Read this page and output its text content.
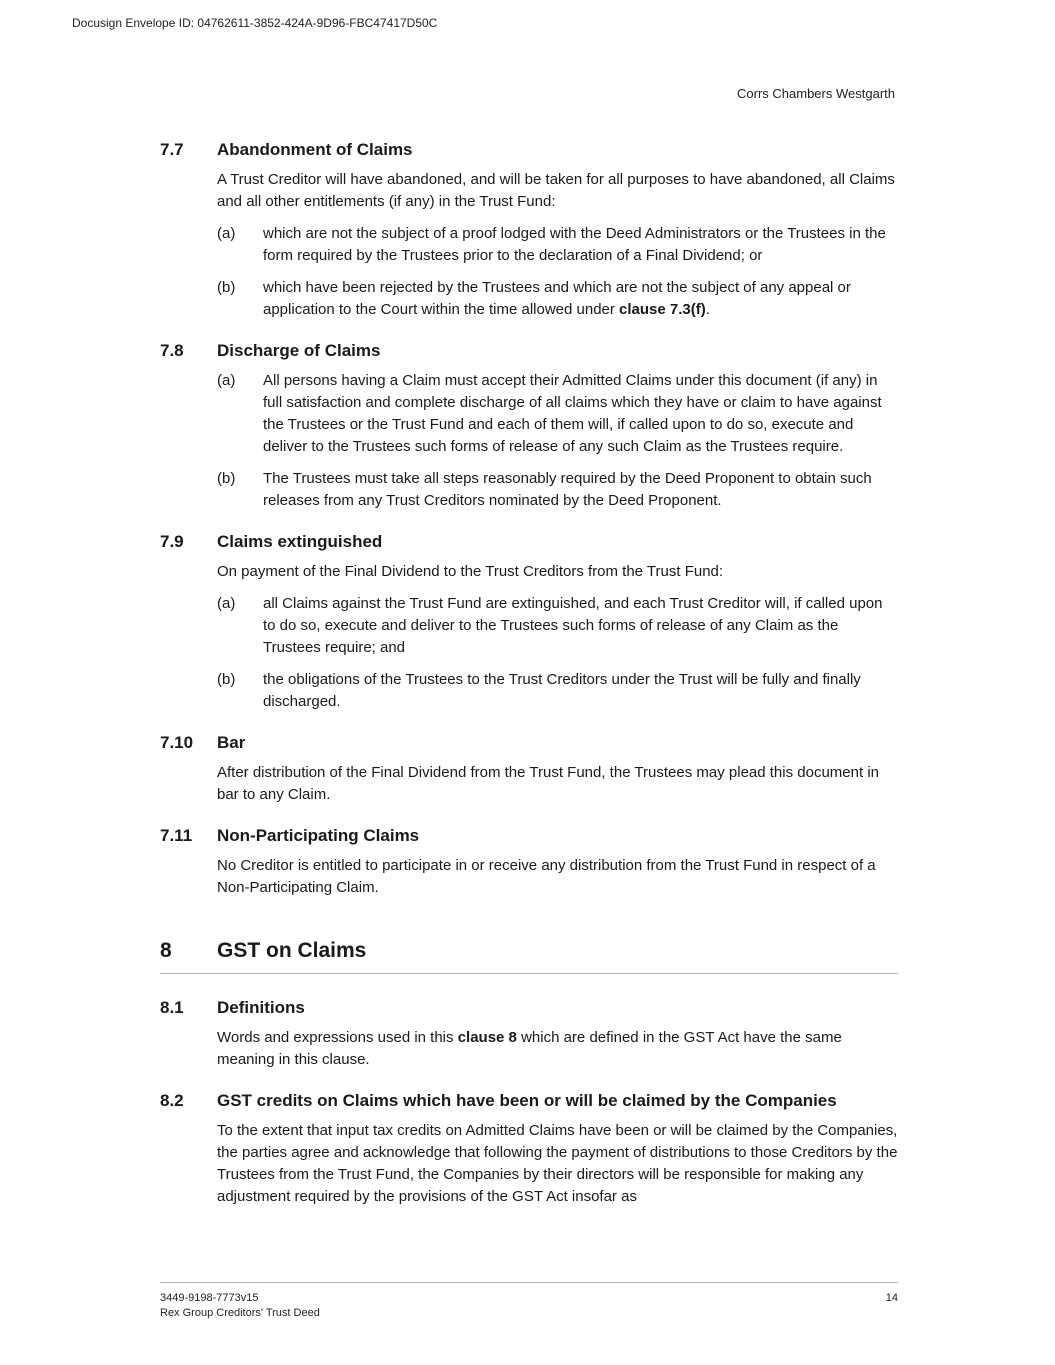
Docusign Envelope ID: 04762611-3852-424A-9D96-FBC47417D50C
Corrs Chambers Westgarth
7.7	Abandonment of Claims
A Trust Creditor will have abandoned, and will be taken for all purposes to have abandoned, all Claims and all other entitlements (if any) in the Trust Fund:
(a)	which are not the subject of a proof lodged with the Deed Administrators or the Trustees in the form required by the Trustees prior to the declaration of a Final Dividend; or
(b)	which have been rejected by the Trustees and which are not the subject of any appeal or application to the Court within the time allowed under clause 7.3(f).
7.8	Discharge of Claims
(a)	All persons having a Claim must accept their Admitted Claims under this document (if any) in full satisfaction and complete discharge of all claims which they have or claim to have against the Trustees or the Trust Fund and each of them will, if called upon to do so, execute and deliver to the Trustees such forms of release of any such Claim as the Trustees require.
(b)	The Trustees must take all steps reasonably required by the Deed Proponent to obtain such releases from any Trust Creditors nominated by the Deed Proponent.
7.9	Claims extinguished
On payment of the Final Dividend to the Trust Creditors from the Trust Fund:
(a)	all Claims against the Trust Fund are extinguished, and each Trust Creditor will, if called upon to do so, execute and deliver to the Trustees such forms of release of any Claim as the Trustees require; and
(b)	the obligations of the Trustees to the Trust Creditors under the Trust will be fully and finally discharged.
7.10	Bar
After distribution of the Final Dividend from the Trust Fund, the Trustees may plead this document in bar to any Claim.
7.11	Non-Participating Claims
No Creditor is entitled to participate in or receive any distribution from the Trust Fund in respect of a Non-Participating Claim.
8	GST on Claims
8.1	Definitions
Words and expressions used in this clause 8 which are defined in the GST Act have the same meaning in this clause.
8.2	GST credits on Claims which have been or will be claimed by the Companies
To the extent that input tax credits on Admitted Claims have been or will be claimed by the Companies, the parties agree and acknowledge that following the payment of distributions to those Creditors by the Trustees from the Trust Fund, the Companies by their directors will be responsible for making any adjustment required by the provisions of the GST Act insofar as
3449-9198-7773v15
Rex Group Creditors' Trust Deed
14
